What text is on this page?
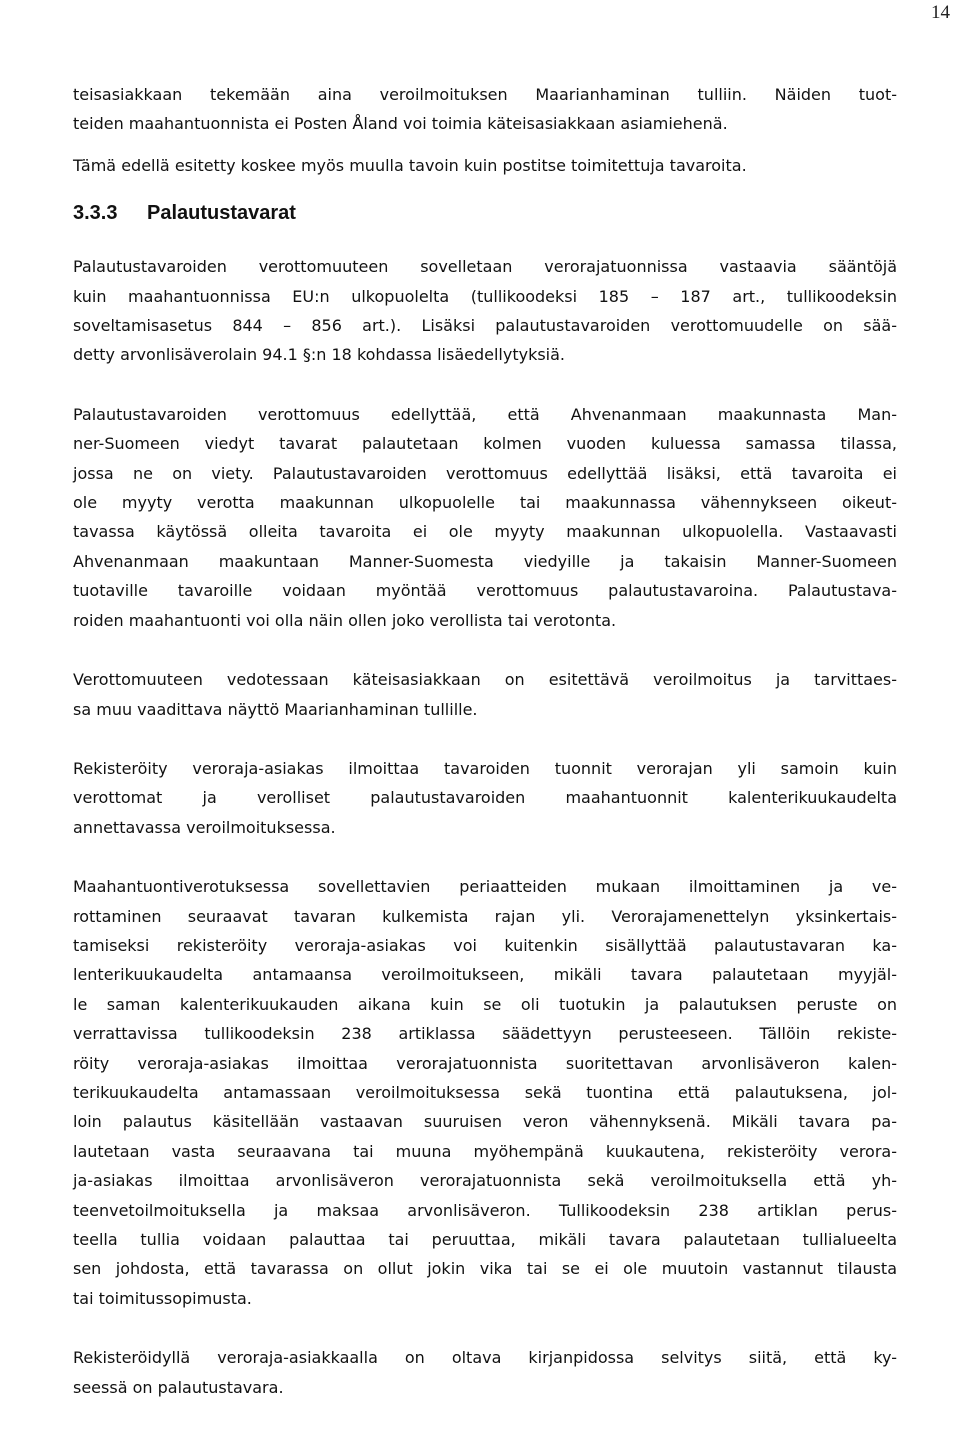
14

teisasiakkaan tekemään aina veroilmoituksen Maarianhaminan tulliin. Näiden tuot-
teiden maahantuonnista ei Posten Åland voi toimia käteisasiakkaan asiamiehenä.

Tämä edellä esitetty koskee myös muulla tavoin kuin postitse toimitettuja tavaroita.

3.3.3 Palautustavarat

Palautustavaroiden verottomuuteen sovelletaan verorajatuonnissa vastaavia sääntöjä
kuin maahantuonnissa EU:n ulkopuolelta (tullikoodeksi 185 – 187 art., tullikoodeksin
soveltamisasetus 844 – 856 art.). Lisäksi palautustavaroiden verottomuudelle on sää-
detty arvonlisäverolain 94.1 §:n 18 kohdassa lisäedellytyksiä.

Palautustavaroiden verottomuus edellyttää, että Ahvenanmaan maakunnasta Man-
ner-Suomeen viedyt tavarat palautetaan kolmen vuoden kuluessa samassa tilassa,
jossa ne on viety. Palautustavaroiden verottomuus edellyttää lisäksi, että tavaroita ei
ole myyty verotta maakunnan ulkopuolelle tai maakunnassa vähennykseen oikeut-
tavassa käytössä olleita tavaroita ei ole myyty maakunnan ulkopuolella. Vastaavasti
Ahvenanmaan maakuntaan Manner-Suomesta viedyille ja takaisin Manner-Suomeen
tuotaville tavaroille voidaan myöntää verottomuus palautustavaroina. Palautustava-
roiden maahantuonti voi olla näin ollen joko verollista tai verotonta.

Verottomuuteen vedotessaan käteisasiakkaan on esitettävä veroilmoitus ja tarvittaes-
sa muu vaadittava näyttö Maarianhaminan tullille.

Rekisteröity veroraja-asiakas ilmoittaa tavaroiden tuonnit verorajan yli samoin kuin
verottomat ja verolliset palautustavaroiden maahantuonnit kalenterikuukaudelta
annettavassa veroilmoituksessa.

Maahantuontiverotuksessa sovellettavien periaatteiden mukaan ilmoittaminen ja ve-
rottaminen seuraavat tavaran kulkemista rajan yli. Verorajamenettelyn yksinkertais-
tamiseksi rekisteröity veroraja-asiakas voi kuitenkin sisällyttää palautustavaran ka-
lenterikuukaudelta antamaansa veroilmoitukseen, mikäli tavara palautetaan myyjäl-
le saman kalenterikuukauden aikana kuin se oli tuotukin ja palautuksen peruste on
verrattavissa tullikoodeksin 238 artiklassa säädettyyn perusteeseen. Tällöin rekiste-
röity veroraja-asiakas ilmoittaa verorajatuonnista suoritettavan arvonlisäveron kalen-
terikuukaudelta antamassaan veroilmoituksessa sekä tuontina että palautuksena, jol-
loin palautus käsitellään vastaavan suuruisen veron vähennyksenä. Mikäli tavara pa-
lautetaan vasta seuraavana tai muuna myöhempänä kuukautena, rekisteröity verora-
ja-asiakas ilmoittaa arvonlisäveron verorajatuonnista sekä veroilmoituksella että yh-
teenvetoilmoituksella ja maksaa arvonlisäveron. Tullikoodeksin 238 artiklan perus-
teella tullia voidaan palauttaa tai peruuttaa, mikäli tavara palautetaan tullialueelta
sen johdosta, että tavarassa on ollut jokin vika tai se ei ole muutoin vastannut tilausta
tai toimitussopimusta.

Rekisteröidyllä veroraja-asiakkaalla on oltava kirjanpidossa selvitys siitä, että ky-
seessä on palautustavara.
